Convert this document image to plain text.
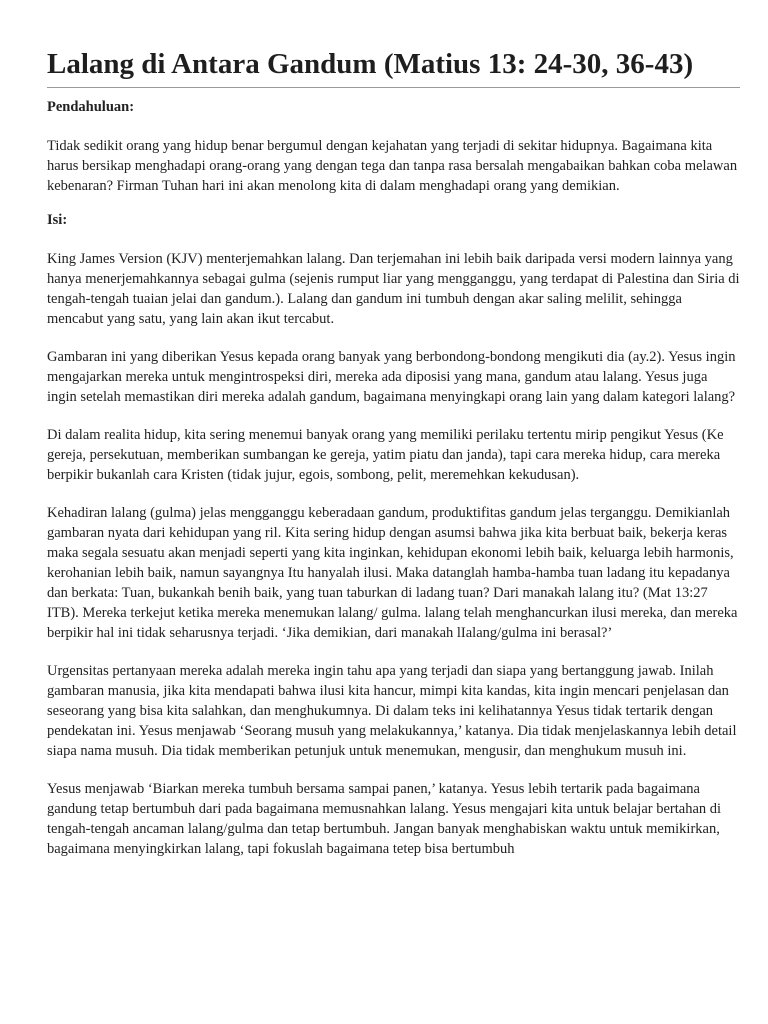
Lalang di Antara Gandum (Matius 13: 24-30, 36-43)

Pendahuluan:

Tidak sedikit orang yang hidup benar bergumul dengan kejahatan yang terjadi di sekitar hidupnya. Bagaimana kita harus bersikap menghadapi orang-orang yang dengan tega dan tanpa rasa bersalah mengabaikan bahkan coba melawan kebenaran? Firman Tuhan hari ini akan menolong kita di dalam menghadapi orang yang demikian.

Isi:

King James Version (KJV) menterjemahkan lalang. Dan terjemahan ini lebih baik daripada versi modern lainnya yang hanya menerjemahkannya sebagai gulma (sejenis rumput liar yang mengganggu, yang terdapat di Palestina dan Siria di tengah-tengah tuaian jelai dan gandum.). Lalang dan gandum ini tumbuh dengan akar saling melilit, sehingga mencabut yang satu, yang lain akan ikut tercabut.

Gambaran ini yang diberikan Yesus kepada orang banyak yang berbondong-bondong mengikuti dia (ay.2). Yesus ingin mengajarkan mereka untuk mengintrospeksi diri, mereka ada diposisi yang mana, gandum atau lalang. Yesus juga ingin setelah memastikan diri mereka adalah gandum, bagaimana menyingkapi orang lain yang dalam kategori lalang?

Di dalam realita hidup, kita sering menemui banyak orang yang memiliki perilaku tertentu mirip pengikut Yesus (Ke gereja, persekutuan, memberikan sumbangan ke gereja, yatim piatu dan janda), tapi cara mereka hidup, cara mereka berpikir bukanlah cara Kristen (tidak jujur, egois, sombong, pelit, meremehkan kekudusan).

Kehadiran lalang (gulma) jelas mengganggu keberadaan gandum, produktifitas gandum jelas terganggu. Demikianlah gambaran nyata dari kehidupan yang ril. Kita sering hidup dengan asumsi bahwa jika kita berbuat baik, bekerja keras maka segala sesuatu akan menjadi seperti yang kita inginkan, kehidupan ekonomi lebih baik, keluarga lebih harmonis, kerohanian lebih baik, namun sayangnya Itu hanyalah ilusi. Maka datanglah hamba-hamba tuan ladang itu kepadanya dan berkata: Tuan, bukankah benih baik, yang tuan taburkan di ladang tuan? Dari manakah lalang itu? (Mat 13:27 ITB). Mereka terkejut ketika mereka menemukan lalang/ gulma. lalang telah menghancurkan ilusi mereka, dan mereka berpikir hal ini tidak seharusnya terjadi. ‘Jika demikian, dari manakah lIalang/gulma ini berasal?’

Urgensitas pertanyaan mereka adalah mereka ingin tahu apa yang terjadi dan siapa yang bertanggung jawab. Inilah gambaran manusia, jika kita mendapati bahwa ilusi kita hancur, mimpi kita kandas, kita ingin mencari penjelasan dan seseorang yang bisa kita salahkan, dan menghukumnya. Di dalam teks ini kelihatannya Yesus tidak tertarik dengan pendekatan ini. Yesus menjawab ‘Seorang musuh yang melakukannya,’ katanya. Dia tidak menjelaskannya lebih detail siapa nama musuh. Dia tidak memberikan petunjuk untuk menemukan, mengusir, dan menghukum musuh ini.

Yesus menjawab ‘Biarkan mereka tumbuh bersama sampai panen,’ katanya. Yesus lebih tertarik pada bagaimana gandung tetap bertumbuh dari pada bagaimana memusnahkan lalang. Yesus mengajari kita untuk belajar bertahan di tengah-tengah ancaman lalang/gulma dan tetap bertumbuh. Jangan banyak menghabiskan waktu untuk memikirkan, bagaimana menyingkirkan lalang, tapi fokuslah bagaimana tetep bisa bertumbuh
